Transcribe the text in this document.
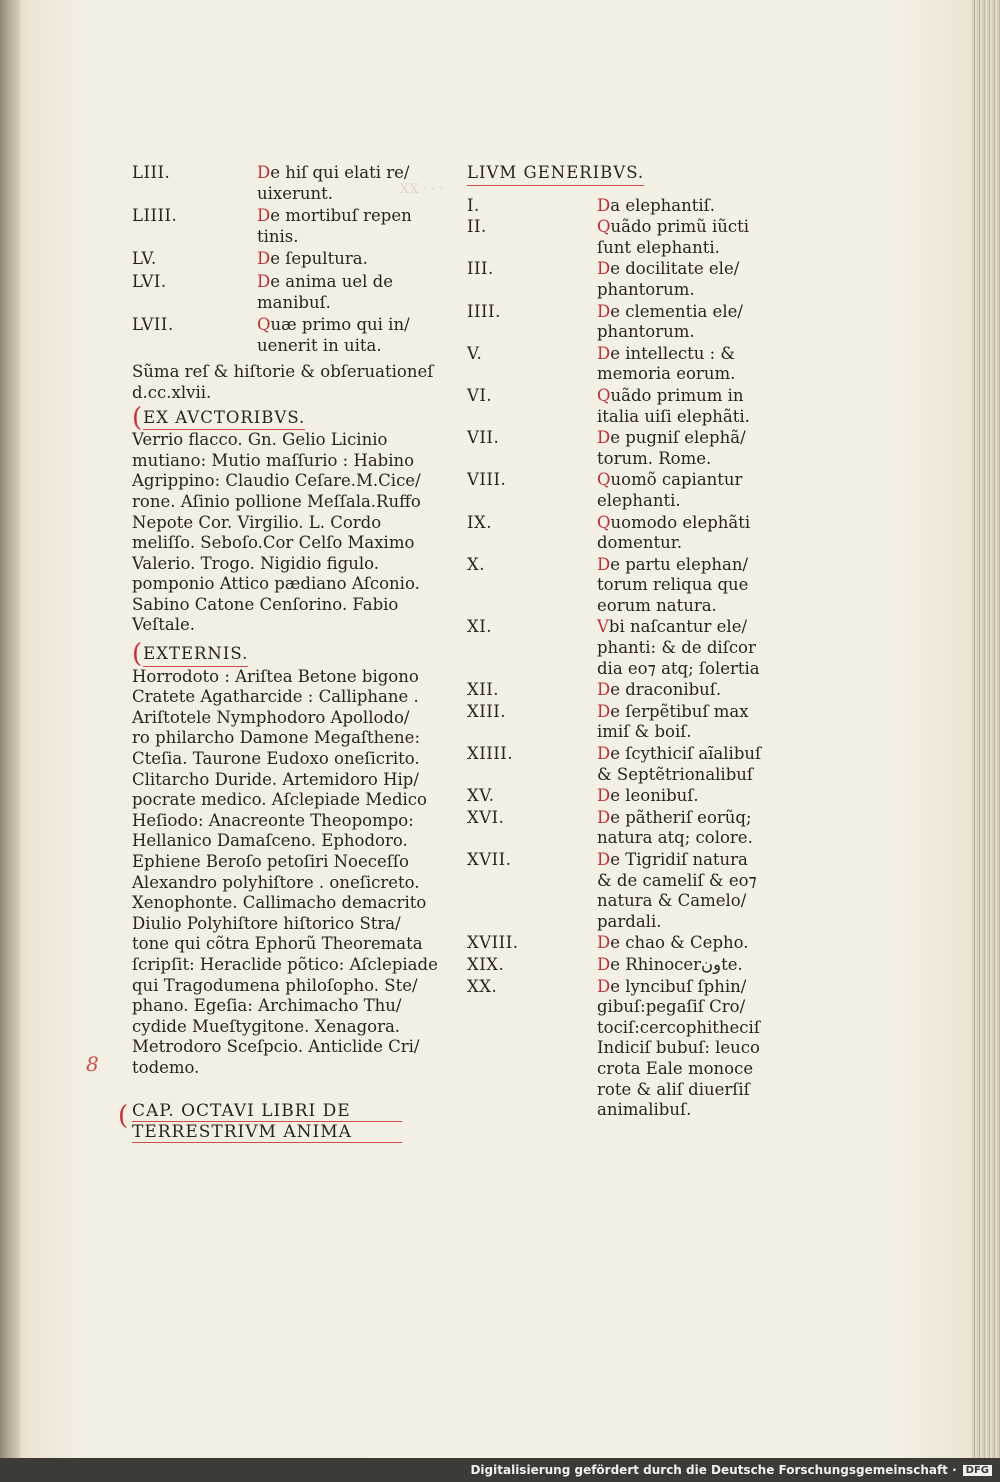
XX · · ·
LIII.	De hiſ qui elati re/
uixerunt.
LIIII.	De mortibuſ repen
tinis.
LV.	De ſepultura.
LVI.	De anima uel de
manibuſ.
LVII.	Quæ primo qui in/
uenerit in uita.
Sũma reſ & hiſtorie & obſeruationeſ
d.cc.xlvii.
(EX AVCTORIBVS.
Verrio flacco. Gn. Gelio Licinio
mutiano: Mutio maſſurio : Habino
Agrippino: Claudio Ceſare.M.Cice/
rone. Aſinio pollione Meſſala.Ruffo
Nepote Cor. Virgilio. L. Cordo
meliſſo. Seboſo.Cor Celſo Maximo
Valerio. Trogo. Nigidio figulo.
pomponio Attico pædiano Aſconio.
Sabino Catone Cenſorino. Fabio
Veſtale.
(EXTERNIS.
Horrodoto : Ariſtea Betone bigono
Cratete Agatharcide : Calliphane .
Ariſtotele Nymphodoro Apollodo/
ro philarcho Damone Megaſthene:
Cteſia. Taurone Eudoxo oneſicrito.
Clitarcho Duride. Artemidoro Hip/
pocrate medico. Aſclepiade Medico
Heſiodo: Anacreonte Theopompo:
Hellanico Damaſceno. Ephodoro.
Ephiene Beroſo petoſiri Noeceſſo
Alexandro polyhiſtore . oneſicreto.
Xenophonte. Callimacho demacrito
Diulio Polyhiſtore hiſtorico Stra/
tone qui cõtra Ephorũ Theoremata
ſcripſit: Heraclide põtico: Aſclepiade
qui Tragodumena philoſopho. Ste/
phano. Egeſia: Archimacho Thu/
cydide Mueſtygitone. Xenagora.
Metrodoro Sceſpcio. Anticlide Cri/
todemo.
( CAP. OCTAVI LIBRI DE
TERRESTRIVM ANIMA
8
LIVM GENERIBVS.
I.	Da elephantiſ.
II.	Quãdo primũ iũcti
ſunt elephanti.
III.	De docilitate ele/
phantorum.
IIII.	De clementia ele/
phantorum.
V.	De intellectu : &
memoria eorum.
VI.	Quãdo primum in
italia uiſi elephãti.
VII.	De pugniſ elephã/
torum. Rome.
VIII.	Quomõ capiantur
elephanti.
IX.	Quomodo elephãti
domentur.
X.	De partu elephan/
torum reliqua que
eorum natura.
XI.	Vbi naſcantur ele/
phanti: & de diſcor
dia eo⁊ atq; ſolertia
XII.	De draconibuſ.
XIII.	De ſerpẽtibuſ max
imiſ & boiſ.
XIIII.	De ſcythiciſ aĩalibuſ
& Septẽtrionalibuſ
XV.	De leonibuſ.
XVI.	De pãtheriſ eorũq;
natura atq; colore.
XVII.	De Tigridiſ natura
& de cameliſ & eo⁊
natura & Camelo/
pardali.
XVIII.	De chao & Cepho.
XIX.	De Rhinocerونte.
XX.	De lyncibuſ ſphin/
gibuſ:pegaſiſ Cro/
tociſ:cercophitheciſ
Indiciſ bubuſ: leuco
crota Eale monoce
rote & aliſ diuerſiſ
animalibuſ.
Digitalisierung gefördert durch die Deutsche Forschungsgemeinschaft · DFG
